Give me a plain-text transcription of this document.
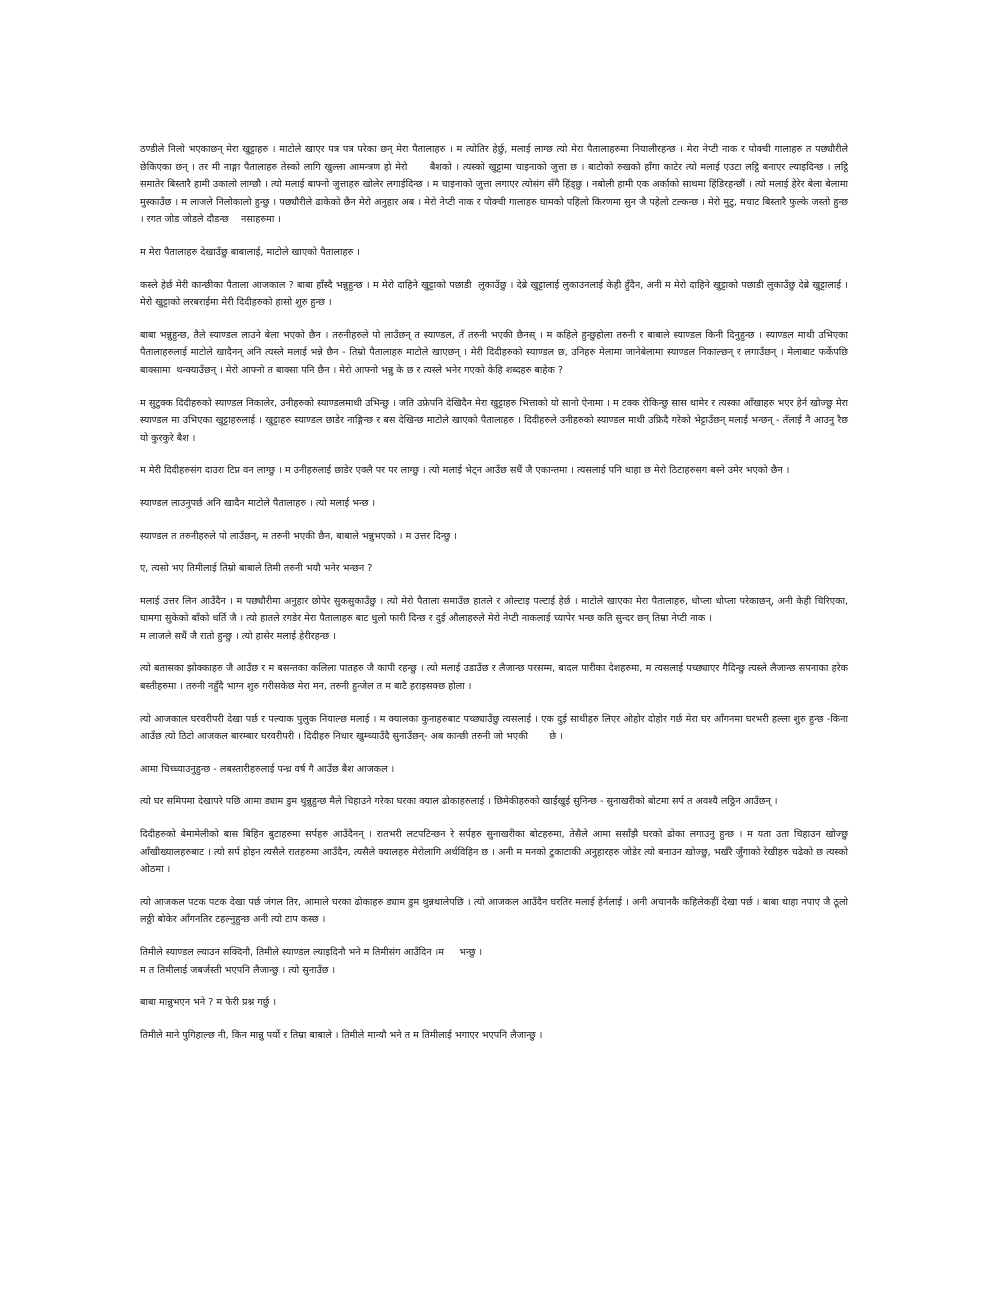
ठण्डीले निलो भएकाछन् मेरा खुट्टाहरु । माटोले खाएर पत्र पत्र परेका छन् मेरा पैतालाहरु । म त्योतिर हेर्छु, मलाई लाग्छ त्यो मेरा पैतालाहरुमा नियालीरहन्छ । मेरा नेप्टी नाक र पोक्ची गालाहरु त पछ्यौरीले छेकिएका छन् । तर मी नाङ्गा पैतालाहरु तेस्को लागि खुल्ला आमन्त्रण हो मेरो      बैशको । त्यस्को खुट्टामा चाइनाको जुत्ता छ । बाटोको रुखको हाँगा काटेर त्यो मलाई एउटा लट्ठि बनाएर ल्याइदिन्छ । लट्ठि समातेर बिस्तारै हामी उकालो लाग्छौ । त्यो मलाई बाफ्नो जुत्ताहरु खोलेर लगाईदिन्छ । म चाइनाको जुत्ता लगाएर त्योसंग सँगै हिंड्छु । नबोली हामी एक अर्काको साथमा हिंडिरहन्छौं । त्यो मलाई हेरेर बेला बेलामा  मुस्काउँछ । म लाजले निलोकालो हुन्छु । पछ्यौरीले ढाकेको छैन मेरो अनुहार अब । मेरो नेप्टी नाक र पोक्ची गालाहरु घामको पहिलो किरणमा सुन जै पहेलो टल्कन्छ । मेरो मुटु, मचाट बिस्तारै फुल्के जस्तो हुन्छ । रगत जोड जोडले दौडन्छ    नसाहरुमा ।

म मेरा पैतालाहरु देखाउँछु बाबालाई, माटोले खाएको पैतालाहरु ।

कस्ले हेर्छ मेरी कान्छीका पैताला आजकाल ? बाबा हाँस्दै भन्नुहुन्छ । म मेरो दाहिने खुट्टाको पछाडी  लुकाउँछु । देब्रे खुट्टालाई लुकाउनलाई केही हुँदैन, अनी म मेरो दाहिने खुट्टाको पछाडी लुकाउँछु देब्रे खुट्टालाई । मेरो खुट्टाको लरबराईमा मेरी दिदीहरुको हासो शुरु हुन्छ ।

बाबा भन्नुहुन्छ, तैले स्याण्डल लाउने बेला भएको छैन । तरुनीहरुले पो लाउँछन् त स्याण्डल, तँ तरुनी भएकी छैनस् । म कहिले हुन्छुहोला तरुनी र बाबाले स्याण्डल किनी दिनुहुन्छ । स्याण्डल माथी उभिएका पैतालाहरुलाई माटोले खादैनन् अनि त्यस्ले मलाई भन्ने छैन - तिम्रो पैतालाहरु माटोले खाएछन् । मेरी दिदीहरुको स्याण्डल छ, उनिहरु मेलामा जानेबेलामा स्याण्डल निकाल्छन् र लगाउँछन् । मेलाबाट फर्केपछि बाक्सामा  थन्क्याउँछन् । मेरो आफ्नो त बाक्सा पनि छैन । मेरो आफ्नो भन्नु के छ र त्यस्ले भनेर गएको केहि शब्दहरु बाहेक ?

म सुटुक्क दिदीहरुको स्याण्डल निकालेर, उनीहरुको स्याण्डलमाथी उभिन्छु । जति उफ्रेपनि देखिदैन मेरा खुट्टाहरु भित्ताको यो सानो ऐनामा । म टक्क रोकिन्छु सास थामेर र त्यस्का आँखाहरु भएर हेर्न खोज्छु मेरा स्याण्डल मा उभिएका खुट्टाहरुलाई । खुट्टाहरु स्याण्डल छाडेर नाङ्गिन्छ र बस देखिन्छ माटोले खाएको पैतालाहरु । दिदीहरुले उनीहरुको स्याण्डल माथी उफ्रिदै गरेको भेट्टाउँछन् मलाई भन्छन् - तँलाई नै आउनु रैछ यो कुरकुरे बैश ।

म मेरी दिदीहरुसंग दाउरा टिप्न वन लाग्छु । म उनीहरुलाई छाडेर एक्लै पर पर लाग्छु । त्यो मलाई भेट्न आउँछ सधैं जै एकान्तमा । त्यसलाई पनि थाहा छ मेरो ठिटाहरुसग बस्ने उमेर भएको छैन ।

स्याण्डल लाउनुपर्छ अनि खादैन माटोले पैतालाहरु । त्यो मलाई भन्छ ।

स्याण्डल त तरुनीहरुले पो लाउँछन्, म तरुनी भएकी छैन, बाबाले भन्नुभएको । म उत्तर दिन्छु ।

ए, त्यसो भए तिमीलाई तिम्रो बाबाले तिमी तरुनी भयौ भनेर भन्छन ?

मलाई उत्तर लिन आउँदैन । म पछ्यौरीमा अनुहार छोपेर सुकसुकाउँछु । त्यो मेरो पैताला समाउँछ हातले र ओल्टाइ पल्टाई हेर्छ । माटोले खाएका मेरा पैतालाहरु, धोप्ला धोप्ला परेकाछन्, अनी केही चिरिएका, घामगा सुकेको बाँको धर्ति जै । त्यो हातले रगडेर मेरा पैतालाहरु बाट धुलो फारी दिन्छ र दुई औलाहरुले मेरो नेप्टी नाकलाई च्यापेर भन्छ कति सुन्दर छन् तिम्रा नेप्टी नाक ।
म लाजले सधैं जै रातो हुन्छु । त्यो हासेर मलाई हेरीरहन्छ ।

त्यो बतासका झोक्काहरु जै आउँछ र म बसन्तका कलिला पातहरु जै कापी रहन्छु । त्यो मलाई उडाउँछ र लैजान्छ परसम्म, बादल पारीका देशहरुमा, म त्यसलाई पच्छ्याएर गैदिन्छु त्यस्ले लैजान्छ सपनाका हरेक बस्तीहरुमा । तरुनी नहुँदै भाग्न शुरु गरीसकेछ मेरा मन, तरुनी हुन्जेल त म बाटै हराइसक्छ होला ।

त्यो आजकाल घरवरीपरी देखा पर्छ र पल्याक पुलुक नियाल्छ मलाई । म क्यालका कुनाहरुबाट पच्छ्याउँछु त्यसलाई । एक दुई साथीहरु लिएर ओहोर दोहोर गर्छ मेरा घर आँगनमा घरभरी हल्ला शुरु हुन्छ -किना आउँछ त्यो ठिटो आजकल बारम्बार घरवरीपरी । दिदीहरु निधार खुम्च्याउँदै सुनाउँछन्- अब कान्छी तरुनी जो भएकी       छे ।

आमा चिच्च्याउनुहुन्छ - लबस्तारीहरुलाई पन्ध्र वर्ष गै आउँछ बैश आजकल ।

त्यो घर समिपमा देखापरे पछि आमा ड्याम डुम थुन्नुहुन्छ मैले चिहाउने गरेका घरका क्याल ढोकाहरुलाई । छिमेकीहरुको खाईंखुई सुनिन्छ - सुनाखरीको बोटमा सर्प त अवश्यै लठ्ठिन आउँछन् ।

दिदीहरुको बेमामेलीको बास बिहिन बुटाहरुमा सर्पहरु आउँदैनन् । रातभरी लटपटिन्छन रे सर्पहरु सुनाखरीका बोटहरुमा, तेसैले आमा ससाँझै घरको ढोका लगाउनु हुन्छ । म यता उता चिहाउन खोज्छु आँखीख्यालहरुबाट । त्यो सर्प होइन त्यसैले रातहरुमा आउँदैन, त्यसैले क्यालहरु मेरोलागि अर्थविहिन छ । अनी म मनको टुकाटाकी अनुहारहरु जोडेर त्यो बनाउन खोज्छु, भर्खरै जुँगाको रेखीहरु चढेको छ त्यस्को ओठमा ।

त्यो आजकल पटक पटक देखा पर्छ जंगल तिर, आमाले घरका ढोकाहरु ड्याम डुम थुन्नथालेपछि । त्यो आजकल आउँदैन घरतिर मलाई हेर्नलाई । अनी अचानकै कहिलेकहीं देखा पर्छ । बाबा थाहा नपाए जै ठूलो लठ्ठी बोकेर आँगनतिर टहल्नुहुन्छ अनी त्यो टाप कस्छ ।

तिमीले स्याण्डल ल्याउन सक्दिनौ, तिमीले स्याण्डल ल्याइदिनौ भने म तिमीसंग आउँदिन ।म     भन्छु ।
म त तिमीलाई जबर्जस्ती भएपनि लैजान्छु । त्यो सुनाउँछ ।

बाबा मान्नुभएन भने ? म फेरी प्रश्न गर्छु ।

तिमीले माने पुगिहाल्छ नी, किन मान्नु पर्यो र तिम्रा बाबाले । तिमीले मान्यौ भने त म तिमीलाई भगाएर भएपनि लैजान्छु ।
